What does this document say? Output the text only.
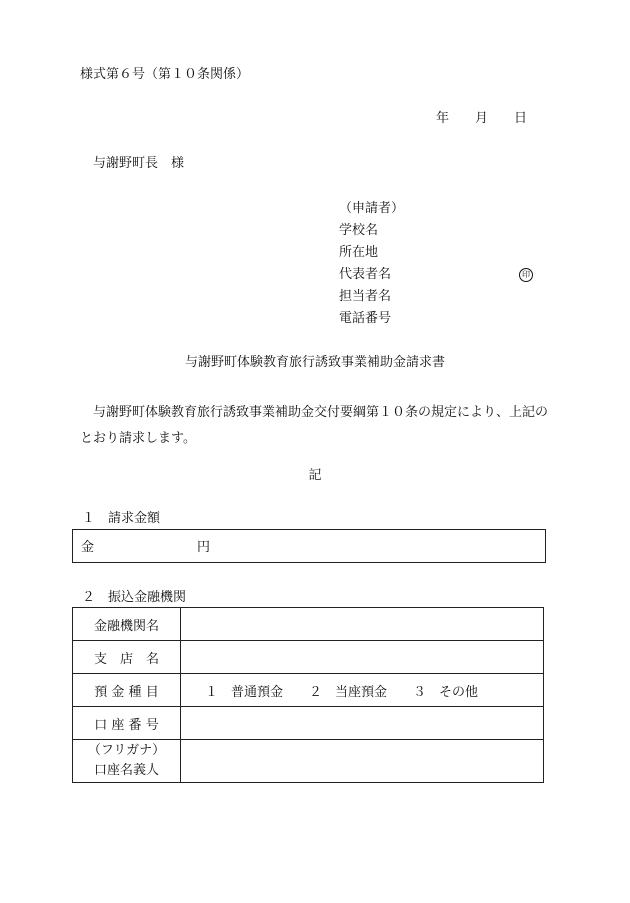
様式第６号（第１０条関係）
年 月 日
与謝野町長　様
（申請者）
学校名
所在地
代表者名	印
担当者名
電話番号
与謝野町体験教育旅行誘致事業補助金請求書
与謝野町体験教育旅行誘致事業補助金交付要綱第１０条の規定により、上記のとおり請求します。
記
１　請求金額
金	円
２　振込金融機関
金融機関名	
支　店　名	
預 金 種 目	１　普通預金 ２　当座預金 ３　その他
口 座 番 号	

（フリガナ）
口座名義人	
